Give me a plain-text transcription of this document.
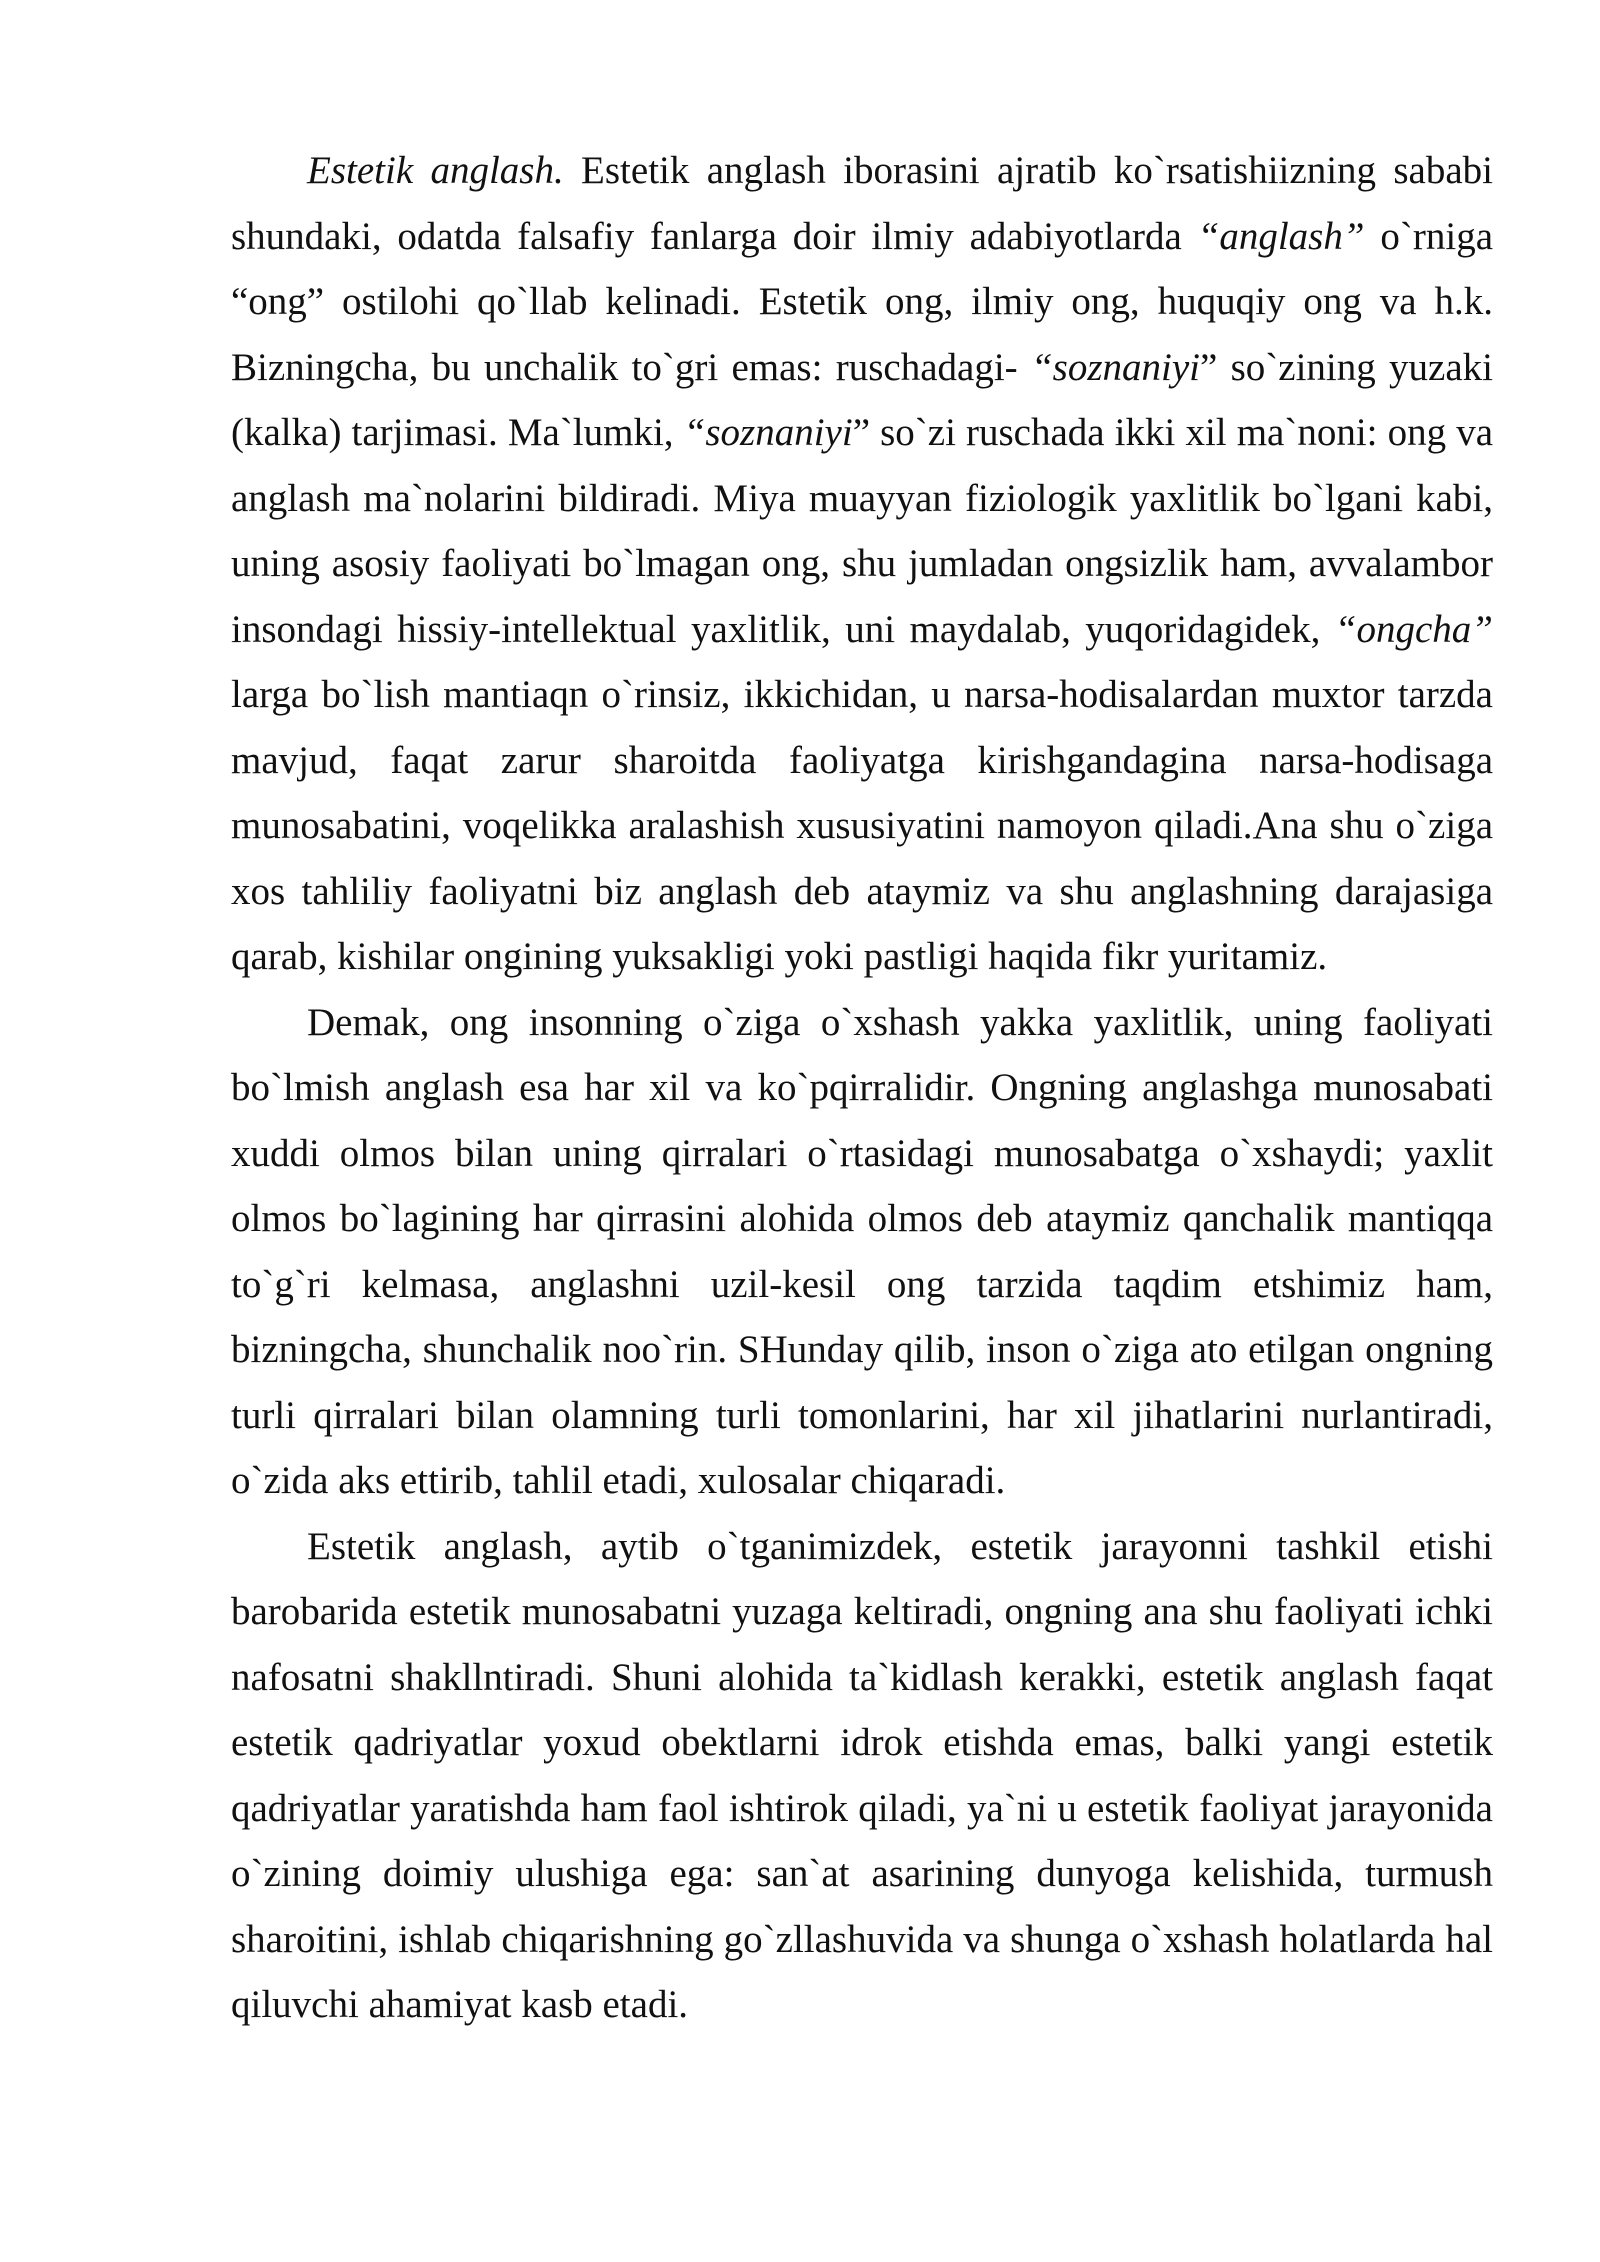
Estetik anglash. Estetik anglash iborasini ajratib ko`rsatishiizning sababi shundaki, odatda falsafiy fanlarga doir ilmiy adabiyotlarda “anglash” o`rniga “ong” ostilohi qo`llab kelinadi. Estetik ong, ilmiy ong, huquqiy ong va h.k. Bizningcha, bu unchalik to`gri emas: ruschadagi- “soznaniyi” so`zining yuzaki (kalka) tarjimasi. Ma`lumki, “soznaniyi” so`zi ruschada ikki xil ma`noni: ong va anglash ma`nolarini bildiradi. Miya muayyan fiziologik yaxlitlik bo`lgani kabi, uning asosiy faoliyati bo`lmagan ong, shu jumladan ongsizlik ham, avvalambor insondagi hissiy-intellektual yaxlitlik, uni maydalab, yuqoridagidek, “ongcha” larga bo`lish mantiaqn o`rinsiz, ikkichidan, u narsa-hodisalardan muxtor tarzda mavjud, faqat zarur sharoitda faoliyatga kirishgandagina narsa-hodisaga munosabatini, voqelikka aralashish xususiyatini namoyon qiladi.Ana shu o`ziga xos tahliliy faoliyatni biz anglash deb ataymiz va shu anglashning darajasiga qarab, kishilar ongining yuksakligi yoki pastligi haqida fikr yuritamiz.

Demak, ong insonning o`ziga o`xshash yakka yaxlitlik, uning faoliyati bo`lmish anglash esa har xil va ko`pqirralidir. Ongning anglashga munosabati xuddi olmos bilan uning qirralari o`rtasidagi munosabatga o`xshaydi; yaxlit olmos bo`lagining har qirrasini alohida olmos deb ataymiz qanchalik mantiqqa to`g`ri kelmasa, anglashni uzil-kesil ong tarzida taqdim etshimiz ham, bizningcha, shunchalik noo`rin. SHunday qilib, inson o`ziga ato etilgan ongning turli qirralari bilan olamning turli tomonlarini, har xil jihatlarini nurlantiradi, o`zida aks ettirib, tahlil etadi, xulosalar chiqaradi.

Estetik anglash, aytib o`tganimizdek, estetik jarayonni tashkil etishi barobarida estetik munosabatni yuzaga keltiradi, ongning ana shu faoliyati ichki nafosatni shakllntiradi. Shuni alohida ta`kidlash kerakki, estetik anglash faqat estetik qadriyatlar yoxud obektlarni idrok etishda emas, balki yangi estetik qadriyatlar yaratishda ham faol ishtirok qiladi, ya`ni u estetik faoliyat jarayonida o`zining doimiy ulushiga ega: san`at asarining dunyoga kelishida, turmush sharoitini, ishlab chiqarishning go`zllashuvida va shunga o`xshash holatlarda hal qiluvchi ahamiyat kasb etadi.
